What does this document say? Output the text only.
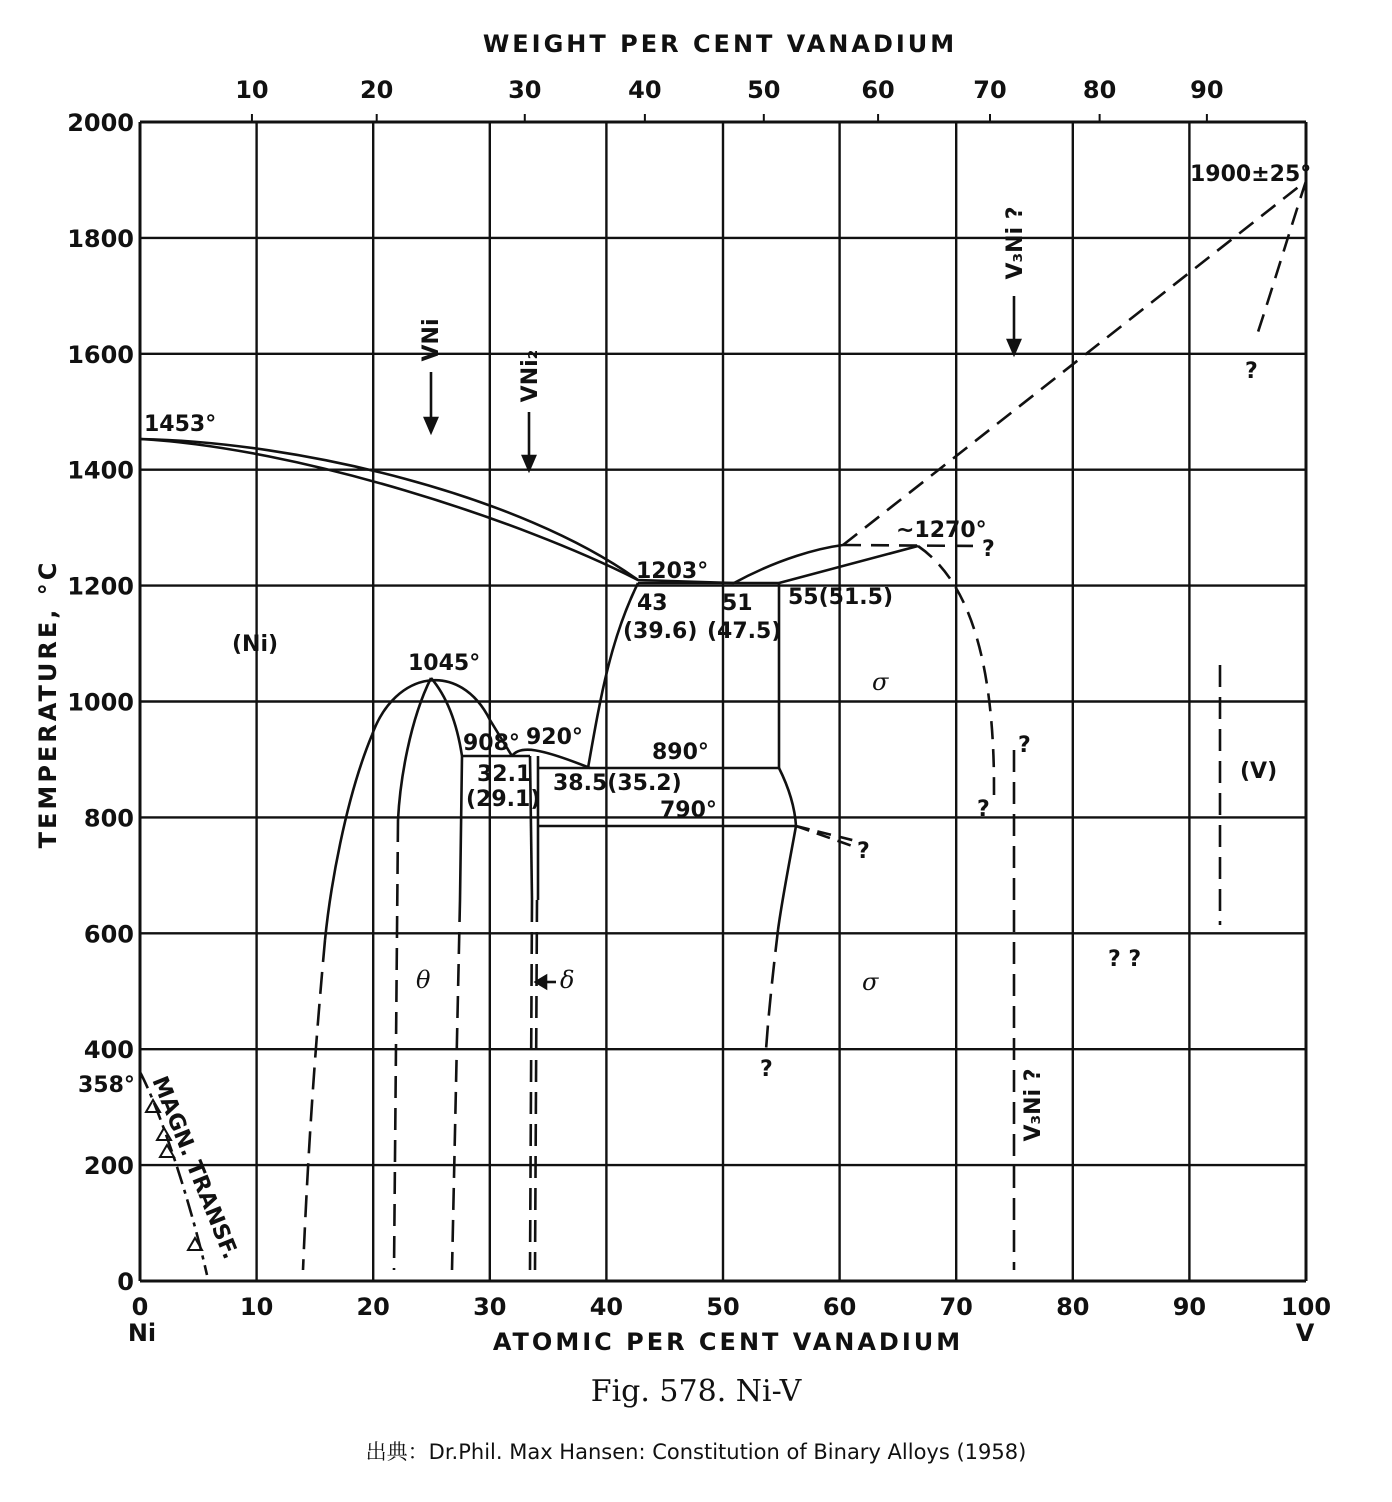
0	10	20	30	40	50	60	70	80	90	100
0
200
400
600
800
1000
1200
1400
1600
1800
2000
10	20	30	40	50	60	70	80	90
WEIGHT PER CENT VANADIUM
ATOMIC PER CENT VANADIUM
TEMPERATURE, °C
Ni	V
1453°
1900±25°
~1270°
1203°
1045°
908° 920°
890°
790°
358°
43
(39.6)
51
(47.5)
55(51.5)
32.1
(29.1)
38.5(35.2)
(Ni)
(V)
σ
σ
θ	δ
VNi
VNi₂
V₃Ni ?
V₃Ni ?
MAGN. TRANSF.
?
?
?
?
?
? ?
?
Fig. 578. Ni-V
出典：Dr.Phil. Max Hansen: Constitution of Binary Alloys (1958)
